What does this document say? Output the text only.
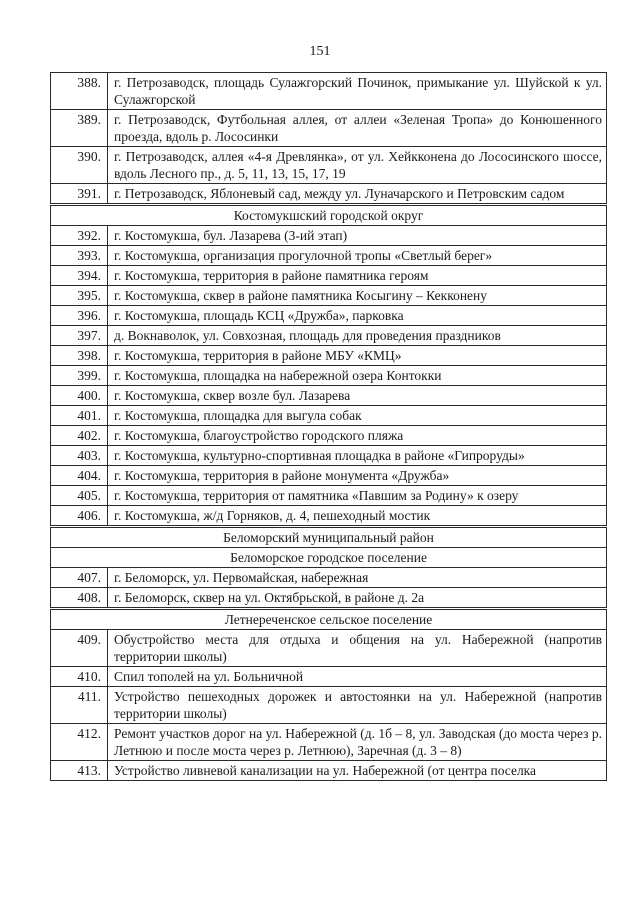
151
388.	г. Петрозаводск, площадь Сулажгорский Починок, примыкание ул. Шуйской к ул. Сулажгорской
389.	г. Петрозаводск, Футбольная аллея, от аллеи «Зеленая Тропа» до Конюшенного проезда, вдоль р. Лососинки
390.	г. Петрозаводск, аллея «4-я Древлянка», от ул. Хейкконена до Лососинского шоссе, вдоль Лесного пр., д. 5, 11, 13, 15, 17, 19
391.	г. Петрозаводск, Яблоневый сад, между ул. Луначарского и Петровским садом
Костомукшский городской округ	
392.	г. Костомукша, бул. Лазарева (3-ий этап)
393.	г. Костомукша, организация прогулочной тропы «Светлый берег»
394.	г. Костомукша, территория в районе памятника героям
395.	г. Костомукша, сквер в районе памятника Косыгину – Кекконену
396.	г. Костомукша, площадь КСЦ «Дружба», парковка
397.	д. Вокнаволок, ул. Совхозная, площадь для проведения праздников
398.	г. Костомукша, территория в районе МБУ «КМЦ»
399.	г. Костомукша, площадка на набережной озера Контокки
400.	г. Костомукша, сквер возле бул. Лазарева
401.	г. Костомукша, площадка для выгула собак
402.	г. Костомукша, благоустройство городского пляжа
403.	г. Костомукша, культурно-спортивная площадка в районе «Гипроруды»
404.	г. Костомукша, территория в районе монумента «Дружба»
405.	г. Костомукша, территория от памятника «Павшим за Родину» к озеру
406.	г. Костомукша, ж/д Горняков, д. 4, пешеходный мостик
Беломорский муниципальный район	
Беломорское городское поселение	
407.	г. Беломорск, ул. Первомайская, набережная
408.	г. Беломорск, сквер на ул. Октябрьской, в районе д. 2а
Летнереченское сельское поселение	
409.	Обустройство места для отдыха и общения на ул. Набережной (напротив территории школы)
410.	Спил тополей на ул. Больничной
411.	Устройство пешеходных дорожек и автостоянки на ул. Набережной (напротив территории школы)
412.	Ремонт участков дорог на ул. Набережной (д. 1б – 8, ул. Заводская (до моста через р. Летнюю и после моста через р. Летнюю), Заречная (д. 3 – 8)
413.	Устройство ливневой канализации на ул. Набережной (от центра поселка
